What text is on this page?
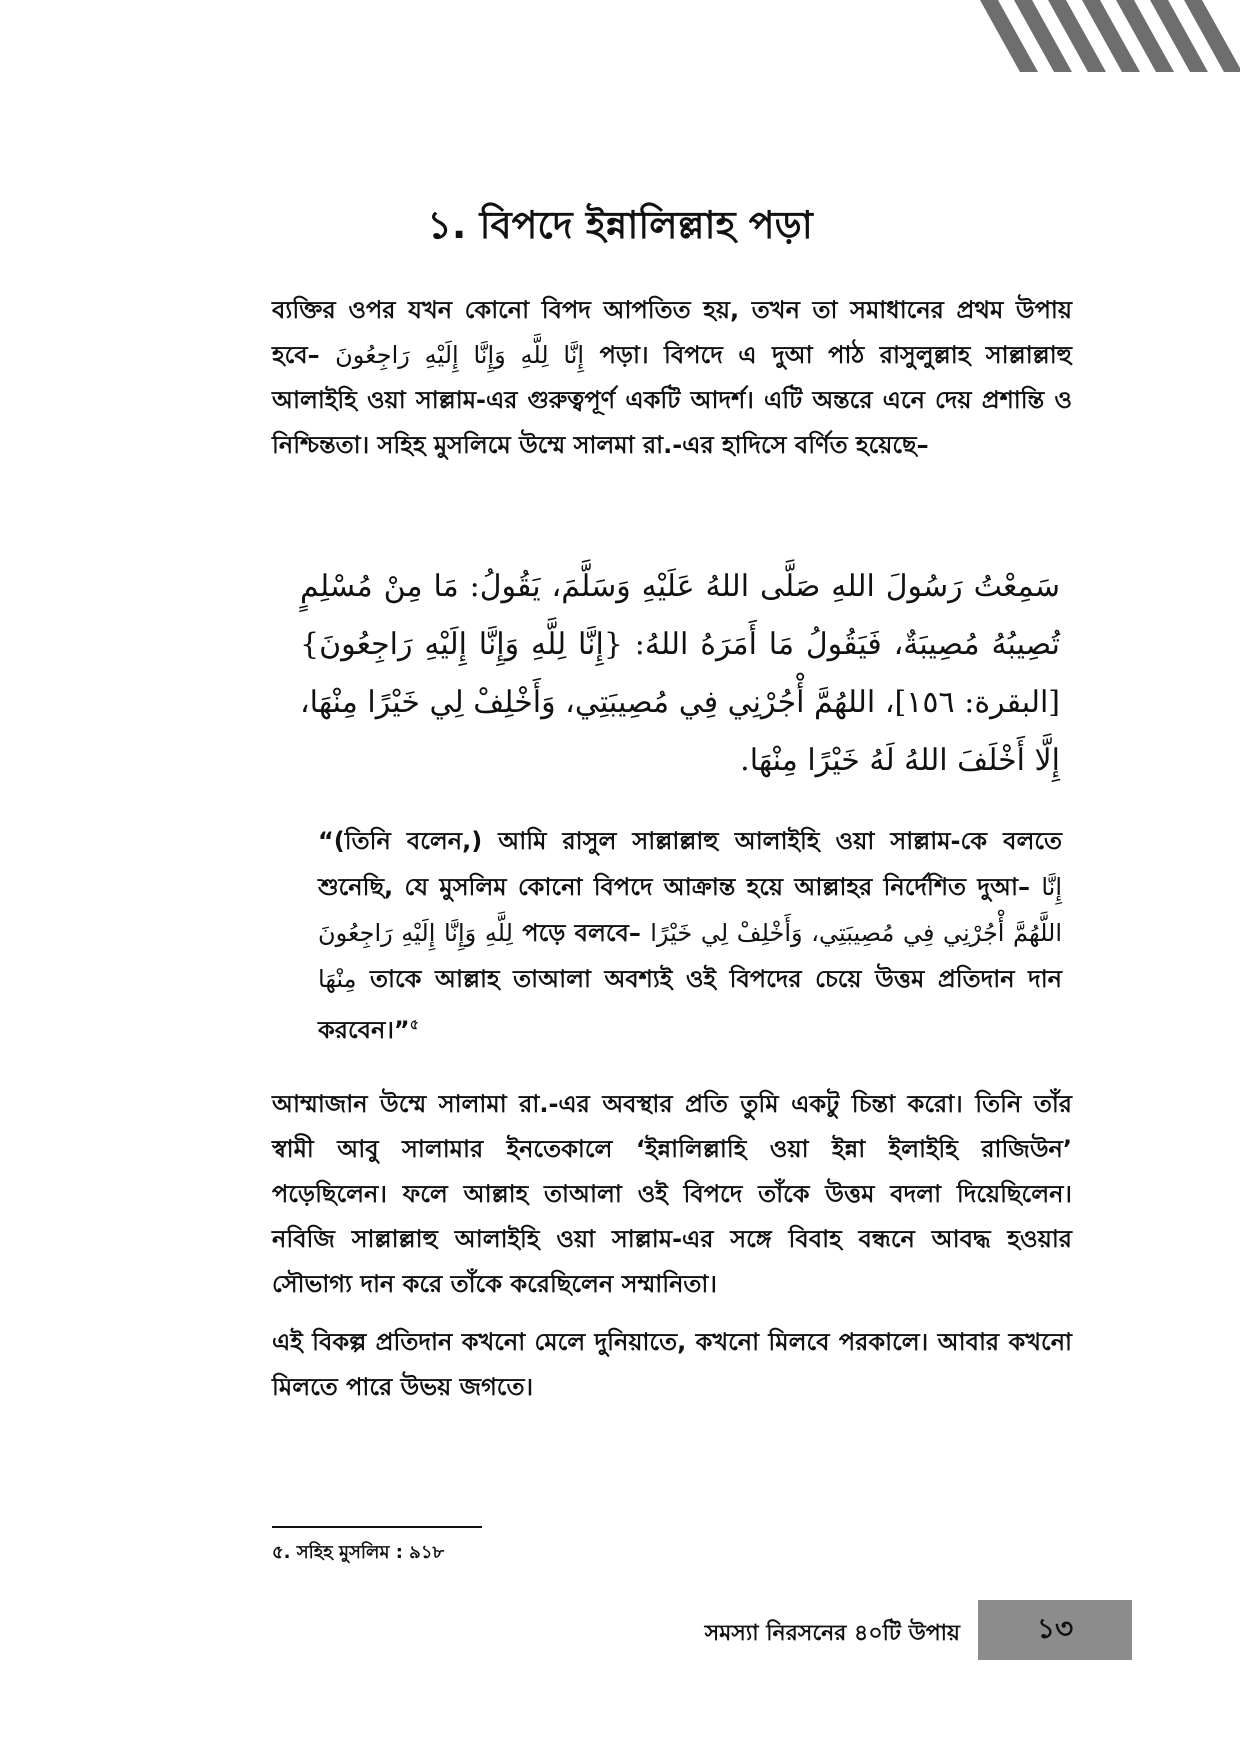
১. বিপদে ইন্নালিল্লাহ পড়া

ব্যক্তির ওপর যখন কোনো বিপদ আপতিত হয়, তখন তা সমাধানের প্রথম উপায় হবে– إِنَّا لِلَّهِ وَإِنَّا إِلَيْهِ رَاجِعُونَ পড়া। বিপদে এ দুআ পাঠ রাসুলুল্লাহ সাল্লাল্লাহু আলাইহি ওয়া সাল্লাম-এর গুরুত্বপূর্ণ একটি আদর্শ। এটি অন্তরে এনে দেয় প্রশান্তি ও নিশ্চিন্ততা। সহিহ মুসলিমে উম্মে সালমা রা.-এর হাদিসে বর্ণিত হয়েছে–

سَمِعْتُ رَسُولَ اللهِ صَلَّى اللهُ عَلَيْهِ وَسَلَّمَ، يَقُولُ: مَا مِنْ مُسْلِمٍ تُصِيبُهُ مُصِيبَةٌ، فَيَقُولُ مَا أَمَرَهُ اللهُ: {إِنَّا لِلَّهِ وَإِنَّا إِلَيْهِ رَاجِعُونَ} [البقرة: ١٥٦]، اللهُمَّ أْجُرْنِي فِي مُصِيبَتِي، وَأَخْلِفْ لِي خَيْرًا مِنْهَا، إِلَّا أَخْلَفَ اللهُ لَهُ خَيْرًا مِنْهَا.

“(তিনি বলেন,) আমি রাসুল সাল্লাল্লাহু আলাইহি ওয়া সাল্লাম-কে বলতে শুনেছি, যে মুসলিম কোনো বিপদে আক্রান্ত হয়ে আল্লাহর নির্দেশিত দুআ– إِنَّا لِلَّهِ وَإِنَّا إِلَيْهِ رَاجِعُونَ পড়ে বলবে– اللَّهُمَّ أْجُرْنِي فِي مُصِيبَتِي، وَأَخْلِفْ لِي خَيْرًا مِنْهَا তাকে আল্লাহ তাআলা অবশ্যই ওই বিপদের চেয়ে উত্তম প্রতিদান দান করবেন।”$^৫$

আম্মাজান উম্মে সালামা রা.-এর অবস্থার প্রতি তুমি একটু চিন্তা করো। তিনি তাঁর স্বামী আবু সালামার ইনতেকালে ‘ইন্নালিল্লাহি ওয়া ইন্না ইলাইহি রাজিউন’ পড়েছিলেন। ফলে আল্লাহ তাআলা ওই বিপদে তাঁকে উত্তম বদলা দিয়েছিলেন। নবিজি সাল্লাল্লাহু আলাইহি ওয়া সাল্লাম-এর সঙ্গে বিবাহ বন্ধনে আবদ্ধ হওয়ার সৌভাগ্য দান করে তাঁকে করেছিলেন সম্মানিতা।

এই বিকল্প প্রতিদান কখনো মেলে দুনিয়াতে, কখনো মিলবে পরকালে। আবার কখনো মিলতে পারে উভয় জগতে।

৫. সহিহ মুসলিম : ৯১৮

সমস্যা নিরসনের ৪০টি উপায়	১৩
